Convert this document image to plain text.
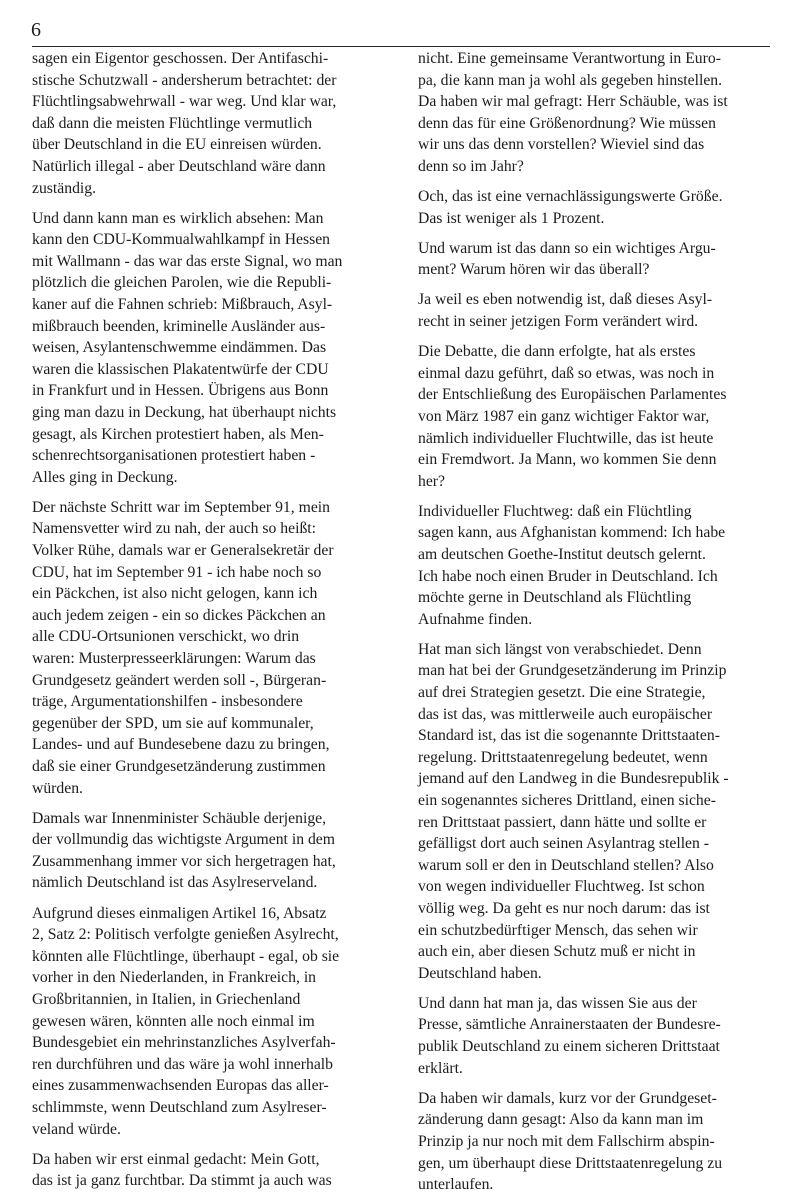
6

sagen ein Eigentor geschossen. Der Antifaschi-
stische Schutzwall - andersherum betrachtet: der
Flüchtlingsabwehrwall - war weg. Und klar war,
daß dann die meisten Flüchtlinge vermutlich
über Deutschland in die EU einreisen würden.
Natürlich illegal - aber Deutschland wäre dann
zuständig.

Und dann kann man es wirklich absehen: Man
kann den CDU-Kommualwahlkampf in Hessen
mit Wallmann - das war das erste Signal, wo man
plötzlich die gleichen Parolen, wie die Republi-
kaner auf die Fahnen schrieb: Mißbrauch, Asyl-
mißbrauch beenden, kriminelle Ausländer aus-
weisen, Asylantenschwemme eindämmen. Das
waren die klassischen Plakatentwürfe der CDU
in Frankfurt und in Hessen. Übrigens aus Bonn
ging man dazu in Deckung, hat überhaupt nichts
gesagt, als Kirchen protestiert haben, als Men-
schenrechtsorganisationen protestiert haben -
Alles ging in Deckung.

Der nächste Schritt war im September 91, mein
Namensvetter wird zu nah, der auch so heißt:
Volker Rühe, damals war er Generalsekretär der
CDU, hat im September 91 - ich habe noch so
ein Päckchen, ist also nicht gelogen, kann ich
auch jedem zeigen - ein so dickes Päckchen an
alle CDU-Ortsunionen verschickt, wo drin
waren: Musterpresseerklärungen: Warum das
Grundgesetz geändert werden soll -, Bürgeran-
träge, Argumentationshilfen - insbesondere
gegenüber der SPD, um sie auf kommunaler,
Landes- und auf Bundesebene dazu zu bringen,
daß sie einer Grundgesetzänderung zustimmen
würden.

Damals war Innenminister Schäuble derjenige,
der vollmundig das wichtigste Argument in dem
Zusammenhang immer vor sich hergetragen hat,
nämlich Deutschland ist das Asylreserveland.

Aufgrund dieses einmaligen Artikel 16, Absatz
2, Satz 2: Politisch verfolgte genießen Asylrecht,
könnten alle Flüchtlinge, überhaupt - egal, ob sie
vorher in den Niederlanden, in Frankreich, in
Großbritannien, in Italien, in Griechenland
gewesen wären, könnten alle noch einmal im
Bundesgebiet ein mehrinstanzliches Asylverfah-
ren durchführen und das wäre ja wohl innerhalb
eines zusammenwachsenden Europas das aller-
schlimmste, wenn Deutschland zum Asylreser-
veland würde.

Da haben wir erst einmal gedacht: Mein Gott,
das ist ja ganz furchtbar. Da stimmt ja auch was

nicht. Eine gemeinsame Verantwortung in Euro-
pa, die kann man ja wohl als gegeben hinstellen.
Da haben wir mal gefragt: Herr Schäuble, was ist
denn das für eine Größenordnung? Wie müssen
wir uns das denn vorstellen? Wieviel sind das
denn so im Jahr?

Och, das ist eine vernachlässigungswerte Größe.
Das ist weniger als 1 Prozent.

Und warum ist das dann so ein wichtiges Argu-
ment? Warum hören wir das überall?

Ja weil es eben notwendig ist, daß dieses Asyl-
recht in seiner jetzigen Form verändert wird.

Die Debatte, die dann erfolgte, hat als erstes
einmal dazu geführt, daß so etwas, was noch in
der Entschließung des Europäischen Parlamentes
von März 1987 ein ganz wichtiger Faktor war,
nämlich individueller Fluchtwille, das ist heute
ein Fremdwort. Ja Mann, wo kommen Sie denn
her?

Individueller Fluchtweg: daß ein Flüchtling
sagen kann, aus Afghanistan kommend: Ich habe
am deutschen Goethe-Institut deutsch gelernt.
Ich habe noch einen Bruder in Deutschland. Ich
möchte gerne in Deutschland als Flüchtling
Aufnahme finden.

Hat man sich längst von verabschiedet. Denn
man hat bei der Grundgesetzänderung im Prinzip
auf drei Strategien gesetzt. Die eine Strategie,
das ist das, was mittlerweile auch europäischer
Standard ist, das ist die sogenannte Drittstaaten-
regelung. Drittstaatenregelung bedeutet, wenn
jemand auf den Landweg in die Bundesrepublik -
ein sogenanntes sicheres Drittland, einen siche-
ren Drittstaat passiert, dann hätte und sollte er
gefälligst dort auch seinen Asylantrag stellen -
warum soll er den in Deutschland stellen? Also
von wegen individueller Fluchtweg. Ist schon
völlig weg. Da geht es nur noch darum: das ist
ein schutzbedürftiger Mensch, das sehen wir
auch ein, aber diesen Schutz muß er nicht in
Deutschland haben.

Und dann hat man ja, das wissen Sie aus der
Presse, sämtliche Anrainerstaaten der Bundesre-
publik Deutschland zu einem sicheren Drittstaat
erklärt.

Da haben wir damals, kurz vor der Grundgeset-
zänderung dann gesagt: Also da kann man im
Prinzip ja nur noch mit dem Fallschirm abspin-
gen, um überhaupt diese Drittstaatenregelung zu
unterlaufen.
